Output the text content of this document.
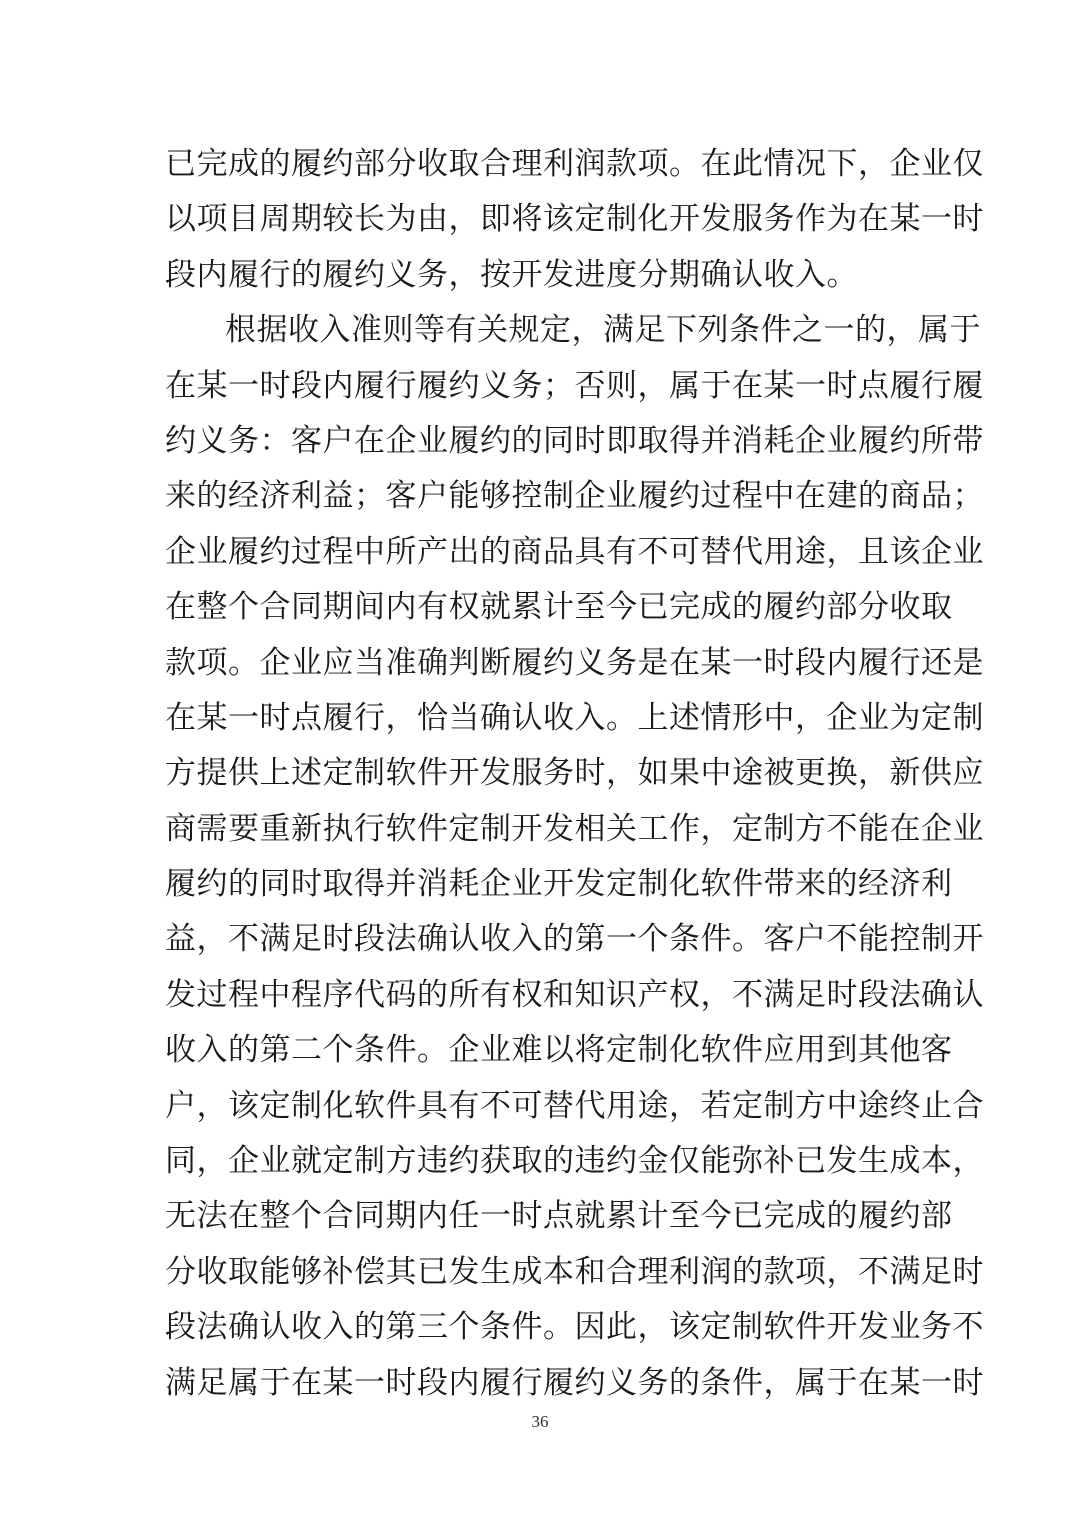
已完成的履约部分收取合理利润款项。在此情况下，企业仅
以项目周期较长为由，即将该定制化开发服务作为在某一时
段内履行的履约义务，按开发进度分期确认收入。
根据收入准则等有关规定，满足下列条件之一的，属于
在某一时段内履行履约义务；否则，属于在某一时点履行履
约义务：客户在企业履约的同时即取得并消耗企业履约所带
来的经济利益；客户能够控制企业履约过程中在建的商品；
企业履约过程中所产出的商品具有不可替代用途，且该企业
在整个合同期间内有权就累计至今已完成的履约部分收取
款项。企业应当准确判断履约义务是在某一时段内履行还是
在某一时点履行，恰当确认收入。上述情形中，企业为定制
方提供上述定制软件开发服务时，如果中途被更换，新供应
商需要重新执行软件定制开发相关工作，定制方不能在企业
履约的同时取得并消耗企业开发定制化软件带来的经济利
益，不满足时段法确认收入的第一个条件。客户不能控制开
发过程中程序代码的所有权和知识产权，不满足时段法确认
收入的第二个条件。企业难以将定制化软件应用到其他客
户，该定制化软件具有不可替代用途，若定制方中途终止合
同，企业就定制方违约获取的违约金仅能弥补已发生成本，
无法在整个合同期内任一时点就累计至今已完成的履约部
分收取能够补偿其已发生成本和合理利润的款项，不满足时
段法确认收入的第三个条件。因此，该定制软件开发业务不
满足属于在某一时段内履行履约义务的条件，属于在某一时
36
